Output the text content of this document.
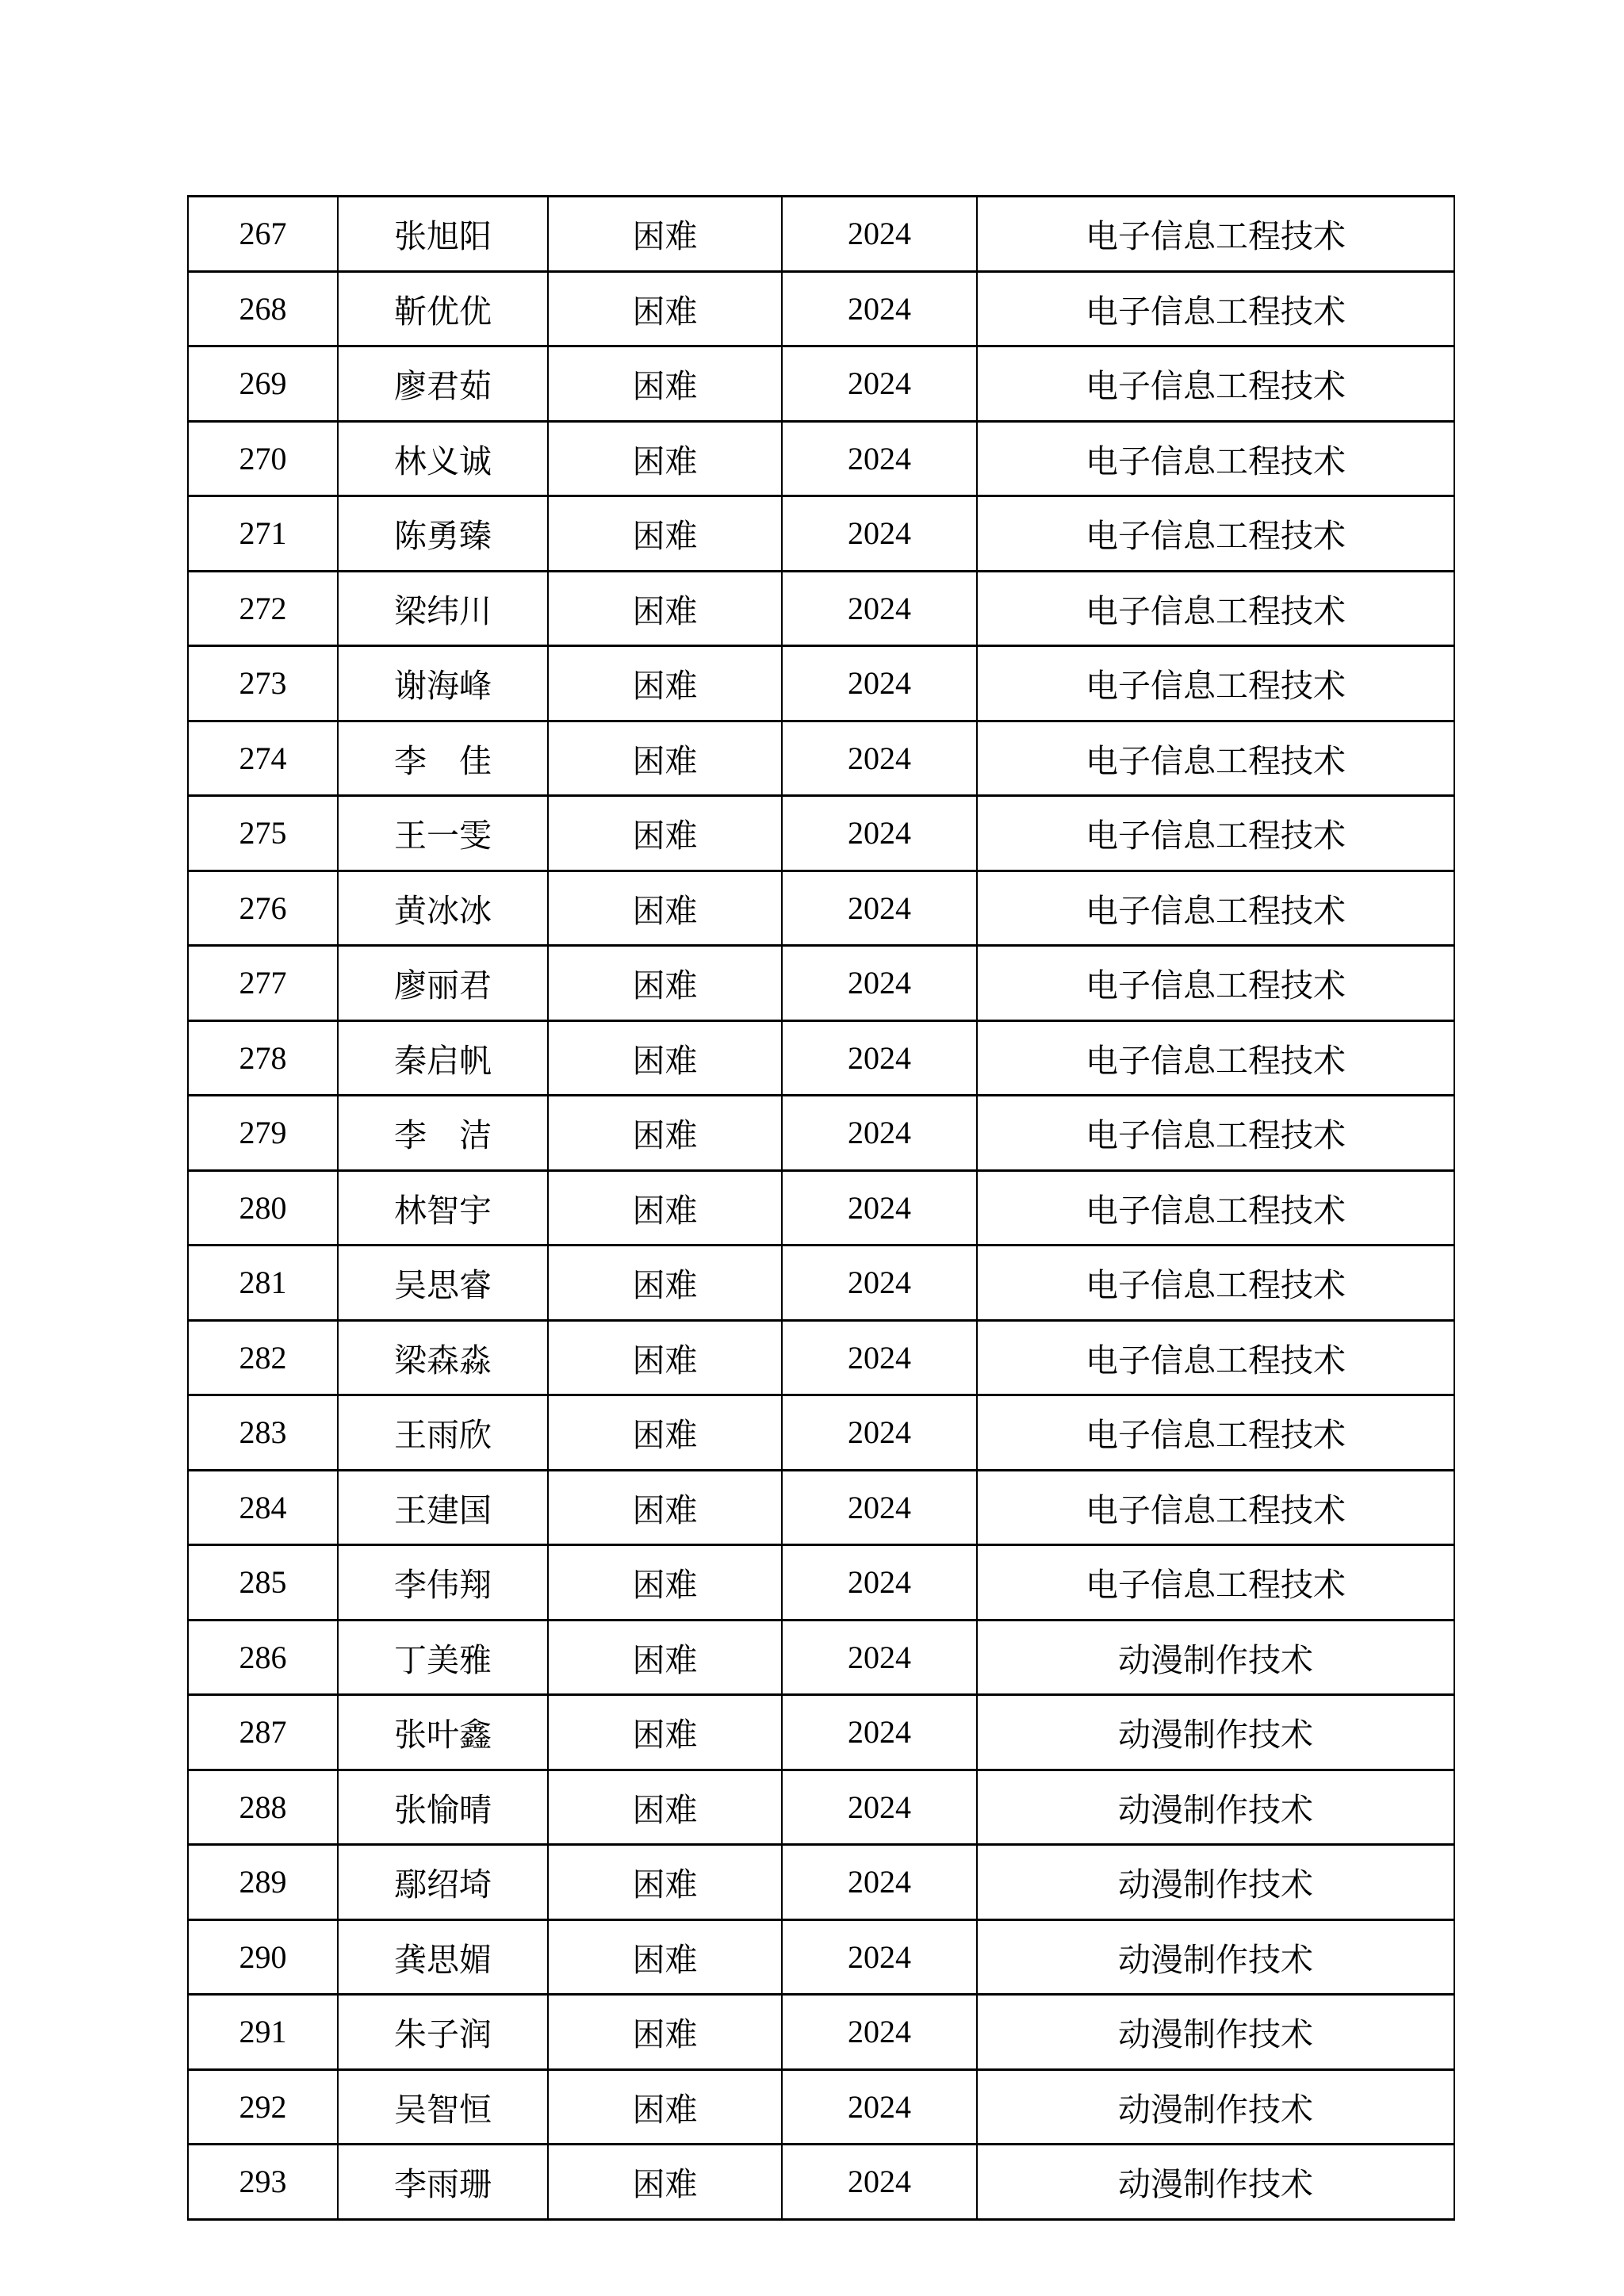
267	张旭阳	困难	2024	电子信息工程技术
268	靳优优	困难	2024	电子信息工程技术
269	廖君茹	困难	2024	电子信息工程技术
270	林义诚	困难	2024	电子信息工程技术
271	陈勇臻	困难	2024	电子信息工程技术
272	梁纬川	困难	2024	电子信息工程技术
273	谢海峰	困难	2024	电子信息工程技术
274	李　佳	困难	2024	电子信息工程技术
275	王一雯	困难	2024	电子信息工程技术
276	黄冰冰	困难	2024	电子信息工程技术
277	廖丽君	困难	2024	电子信息工程技术
278	秦启帆	困难	2024	电子信息工程技术
279	李　洁	困难	2024	电子信息工程技术
280	林智宇	困难	2024	电子信息工程技术
281	吴思睿	困难	2024	电子信息工程技术
282	梁森淼	困难	2024	电子信息工程技术
283	王雨欣	困难	2024	电子信息工程技术
284	王建国	困难	2024	电子信息工程技术
285	李伟翔	困难	2024	电子信息工程技术
286	丁美雅	困难	2024	动漫制作技术
287	张叶鑫	困难	2024	动漫制作技术
288	张愉晴	困难	2024	动漫制作技术
289	鄢绍埼	困难	2024	动漫制作技术
290	龚思媚	困难	2024	动漫制作技术
291	朱子润	困难	2024	动漫制作技术
292	吴智恒	困难	2024	动漫制作技术
293	李雨珊	困难	2024	动漫制作技术
